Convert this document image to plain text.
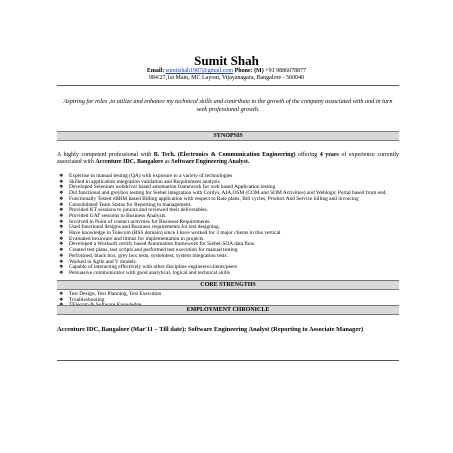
Sumit Shah
Email: sumitshah1987@gmail.com Phone: (M) +91 9886078877
984/27,1st Main, MC Layout, Vijayanagara, Bangalore - 560040
Aspiring for roles ,to utilize and enhance my technical skills and contribute to the growth of the company associated with and in turn seek professional growth.
SYNOPSIS
A highly competent professional with B. Tech. (Electronics & Communication Engineering) offering 4 years of experience currently associated with Accenture IDC, Bangalore as Software Engineering Analyst.
❖ Expertise in manual testing (QA) with exposure to a variety of technologies
❖ Skilled in application integration validation and Requirement analysis
❖ Developed Selenium webdriver based automation framework for web based Application testing
❖ Did functional and greybox testing for Siebel integration with Cordys, AIA,OSM (COM and SOM Activities) and Weblogic Portal based front end.
❖ Functionally Tested eBRM based Billing application with respect to Rate plans, Bill cycles, Product And Service billing and invoicing
❖ Consolidated Team Status for Reporting to management.
❖ Provided KT sessions to juniors and reviewed their deliverables.
❖ Provided UAT sessions to Business Analysts.
❖ Involved in Point of contact activities for Business Requirements.
❖ Used functional designs and Business requirements for test designing.
❖ Have knowledge in Telecom (BSS domain) since I have worked for 3 major clients in this vertical
❖ Evaluated hexaware and litmus for implementation in projects.
❖ Developed a Worksoft certify based Automation framework for Siebel-SOA data flow.
❖ Created test plans, test scripts and performed test execution for manual testing
❖ Performed, black box, grey box tests, systemtest, system integration tests .
❖ Worked in Agile and V models.
❖ Capable of interacting effectively with other discipline engineers/clients/peers
❖ Persuasive communicator with good analytical, logical and technical skills
CORE STRENGTHS
❖ Test Design, Test Planning, Test Execution
❖ Troubleshooting
EMPLOYMENT CHRONICLE
Accenture IDC, Bangalore (Mar'11 – Till date): Software Engineering Analyst (Reporting to Associate Manager)
